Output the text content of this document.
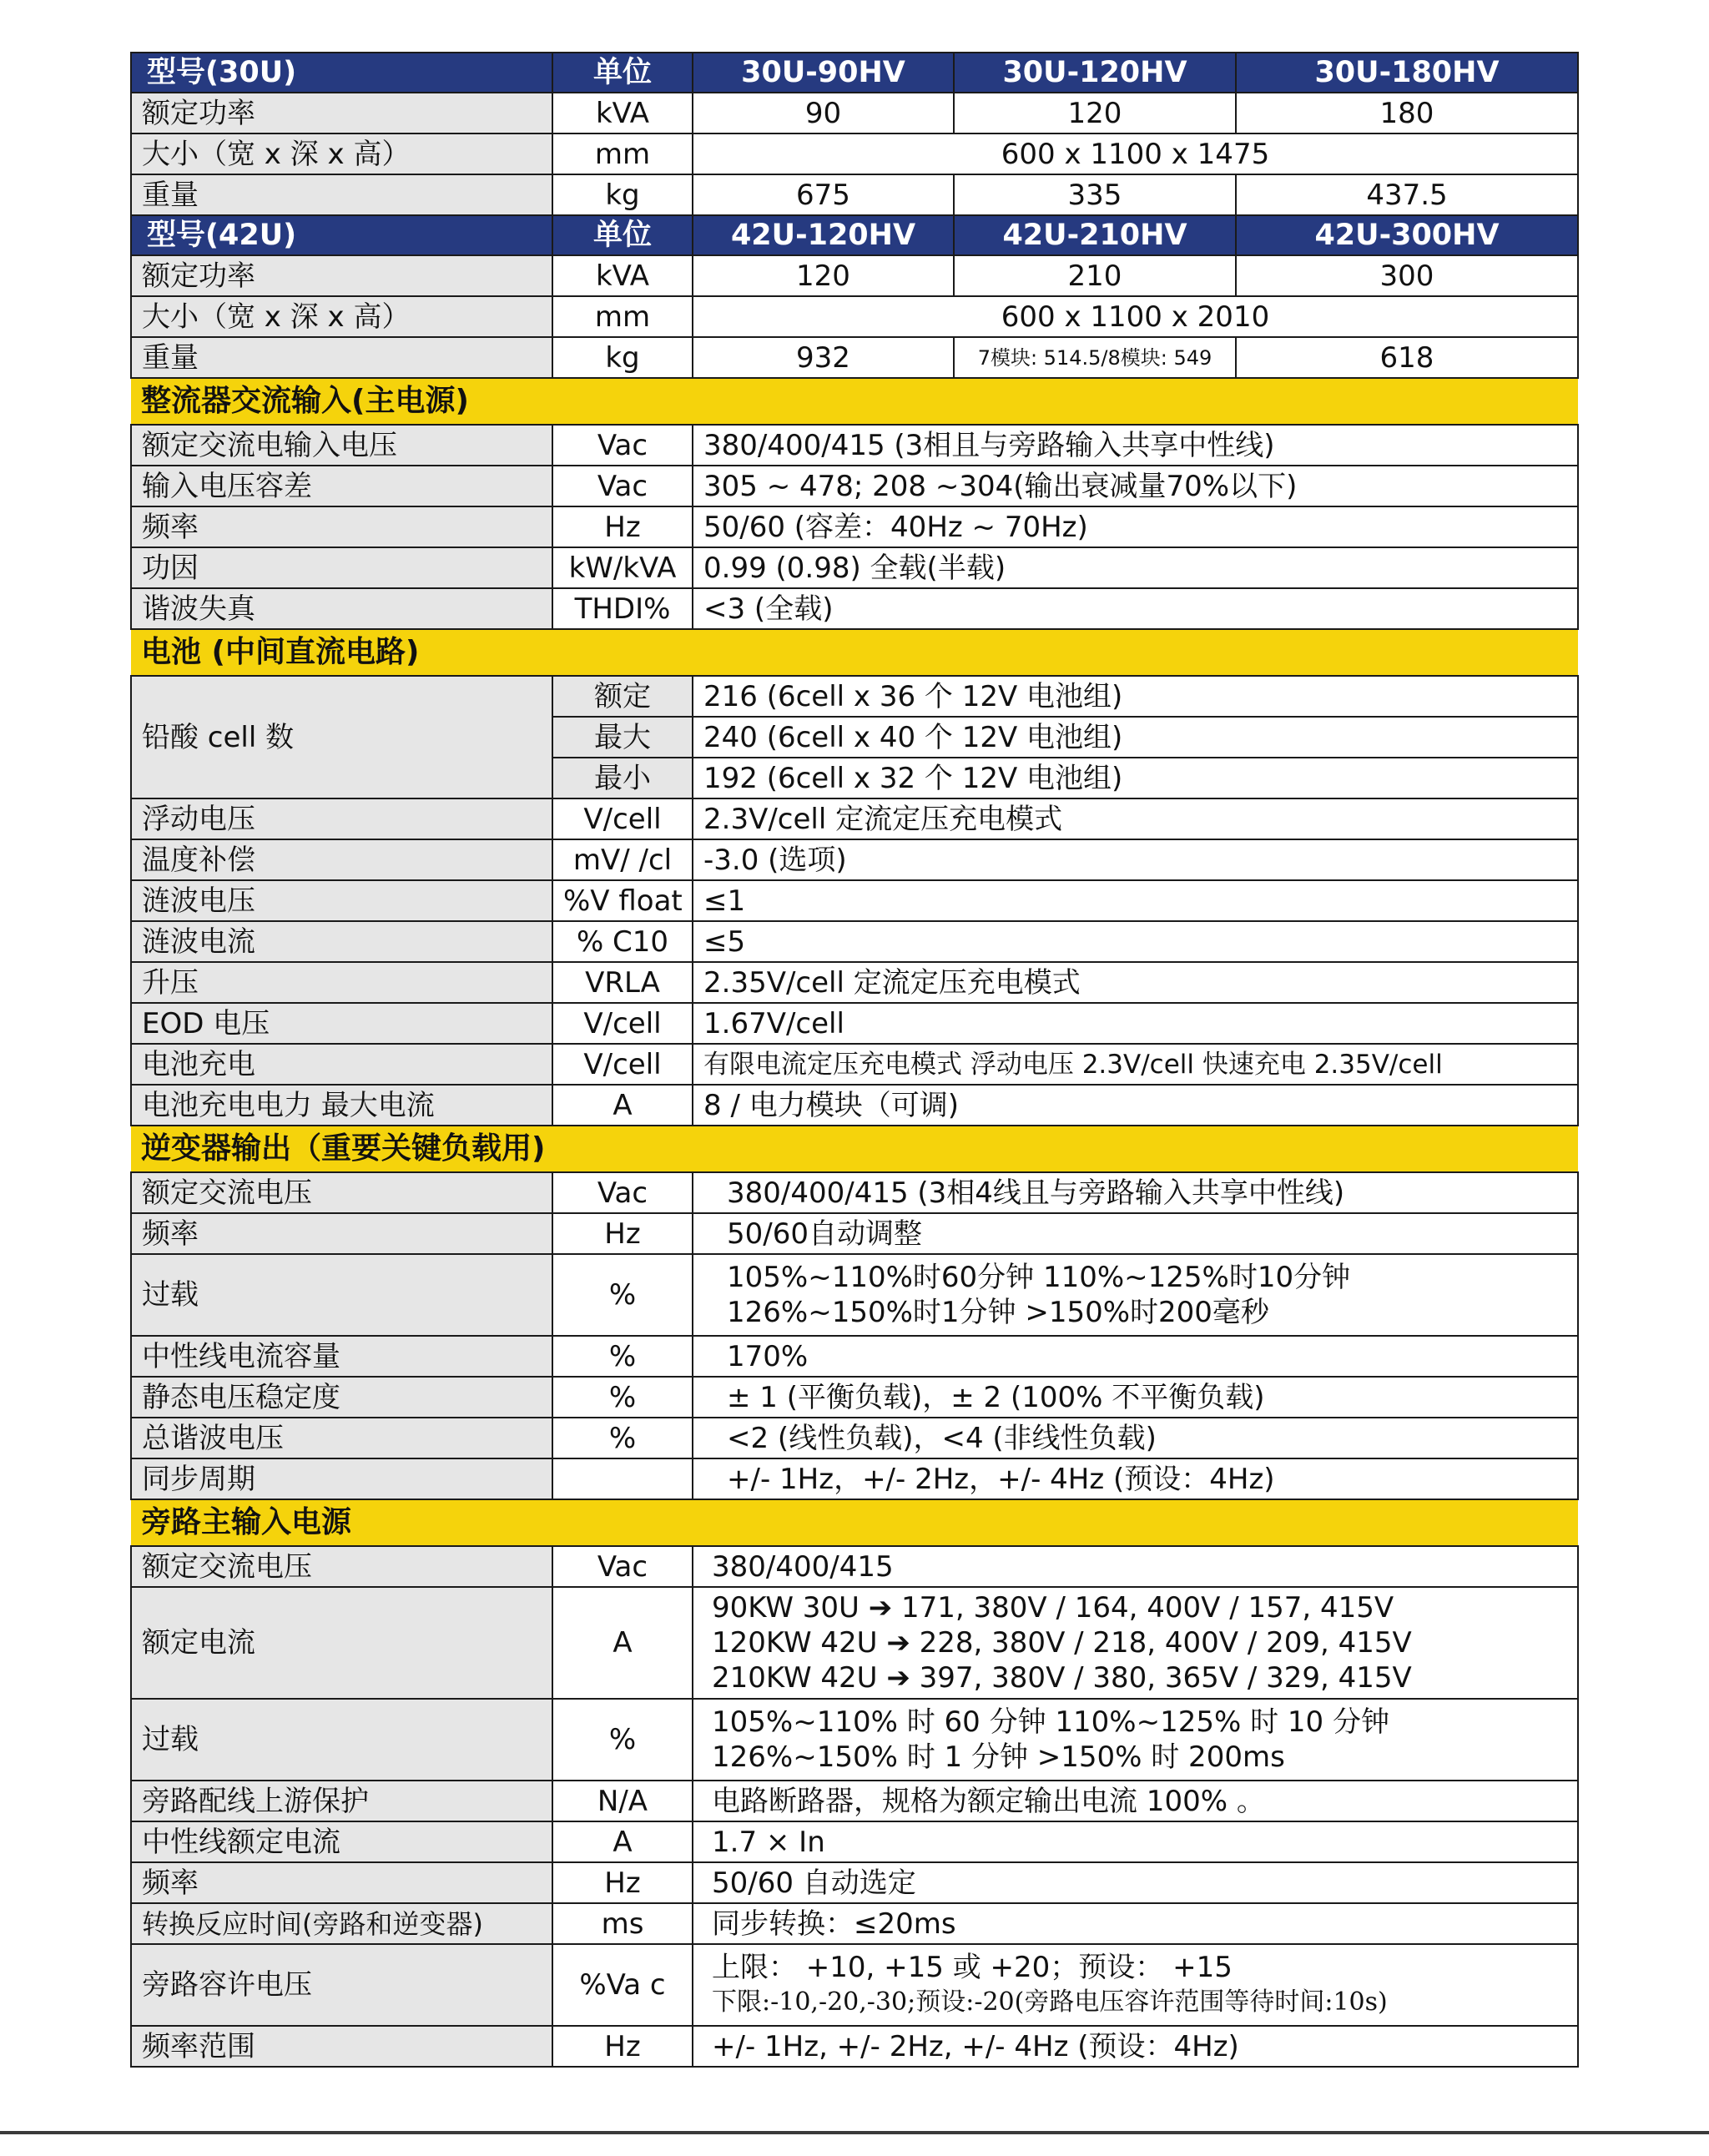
型号(30U)	单位	30U-90HV	30U-120HV	30U-180HV
额定功率	kVA	90	120	180
大小（宽 x 深 x 高）	mm	600 x 1100 x 1475		
重量	kg	675	335	437.5
型号(42U)	单位	42U-120HV	42U-210HV	42U-300HV
额定功率	kVA	120	210	300
大小（宽 x 深 x 高）	mm	600 x 1100 x 2010		
重量	kg	932	7模块: 514.5/8模块: 549	618
整流器交流输入(主电源)				
额定交流电输入电压	Vac	380/400/415 (3相且与旁路输入共享中性线)		
输入电压容差	Vac	305 ~ 478; 208 ~304(输出衰减量70%以下)		
频率	Hz	50/60 (容差：40Hz ~ 70Hz)		
功因	kW/kVA	0.99 (0.98) 全载(半载)		
谐波失真	THDI%	<3 (全载)		
电池 (中间直流电路)				
铅酸 cell 数	额定	216 (6cell x 36 个 12V 电池组)		
	最大	240 (6cell x 40 个 12V 电池组)		
	最小	192 (6cell x 32 个 12V 电池组)		
浮动电压	V/cell	2.3V/cell 定流定压充电模式		
温度补偿	mV/ /cl	-3.0 (选项)		
涟波电压	%V float	≤1		
涟波电流	% C10	≤5		
升压	VRLA	2.35V/cell 定流定压充电模式		
EOD 电压	V/cell	1.67V/cell		
电池充电	V/cell	有限电流定压充电模式 浮动电压 2.3V/cell 快速充电 2.35V/cell		
电池充电电力 最大电流	A	8 / 电力模块（可调)		
逆变器输出（重要关键负载用)				
额定交流电压	Vac	380/400/415 (3相4线且与旁路输入共享中性线)		
频率	Hz	50/60自动调整		
过载	%	105%~110%时60分钟 110%~125%时10分钟
126%~150%时1分钟 >150%时200毫秒		

中性线电流容量	%	170%		
静态电压稳定度	%	± 1 (平衡负载)，± 2 (100% 不平衡负载)		
总谐波电压	%	<2 (线性负载)，<4 (非线性负载)		
同步周期		+/- 1Hz，+/- 2Hz，+/- 4Hz (预设：4Hz)		
旁路主输入电源				
额定交流电压	Vac	380/400/415		
额定电流	A	90KW 30U ➔ 171, 380V / 164, 400V / 157, 415V
120KW 42U ➔ 228, 380V / 218, 400V / 209, 415V
210KW 42U ➔ 397, 380V / 380, 365V / 329, 415V		

过载	%	105%~110% 时 60 分钟 110%~125% 时 10 分钟
126%~150% 时 1 分钟 >150% 时 200ms		

旁路配线上游保护	N/A	电路断路器，规格为额定输出电流 100% 。		
中性线额定电流	A	1.7 × In		
频率	Hz	50/60 自动选定		
转换反应时间(旁路和逆变器)	ms	同步转换：≤20ms		
旁路容许电压	%Va c	上限： +10, +15 或 +20；预设： +15
下限:-10,-20,-30;预设:-20(旁路电压容许范围等待时间:10s)		

频率范围	Hz	+/- 1Hz, +/- 2Hz, +/- 4Hz (预设：4Hz)		
